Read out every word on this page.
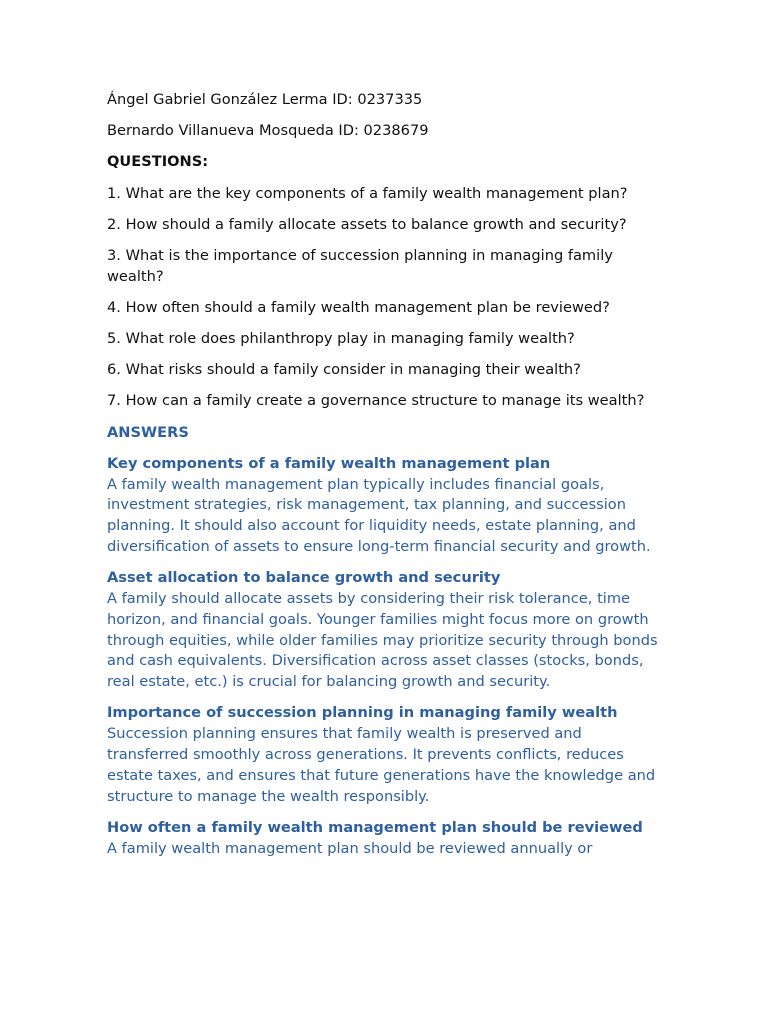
Ángel Gabriel González Lerma ID: 0237335

Bernardo Villanueva Mosqueda ID: 0238679

QUESTIONS:

1. What are the key components of a family wealth management plan?

2. How should a family allocate assets to balance growth and security?

3. What is the importance of succession planning in managing family wealth?

4. How often should a family wealth management plan be reviewed?

5. What role does philanthropy play in managing family wealth?

6. What risks should a family consider in managing their wealth?

7. How can a family create a governance structure to manage its wealth?

ANSWERS

Key components of a family wealth management plan

A family wealth management plan typically includes financial goals, investment strategies, risk management, tax planning, and succession planning. It should also account for liquidity needs, estate planning, and diversification of assets to ensure long-term financial security and growth.

Asset allocation to balance growth and security

A family should allocate assets by considering their risk tolerance, time horizon, and financial goals. Younger families might focus more on growth through equities, while older families may prioritize security through bonds and cash equivalents. Diversification across asset classes (stocks, bonds, real estate, etc.) is crucial for balancing growth and security.

Importance of succession planning in managing family wealth

Succession planning ensures that family wealth is preserved and transferred smoothly across generations. It prevents conflicts, reduces estate taxes, and ensures that future generations have the knowledge and structure to manage the wealth responsibly.

How often a family wealth management plan should be reviewed

A family wealth management plan should be reviewed annually or
